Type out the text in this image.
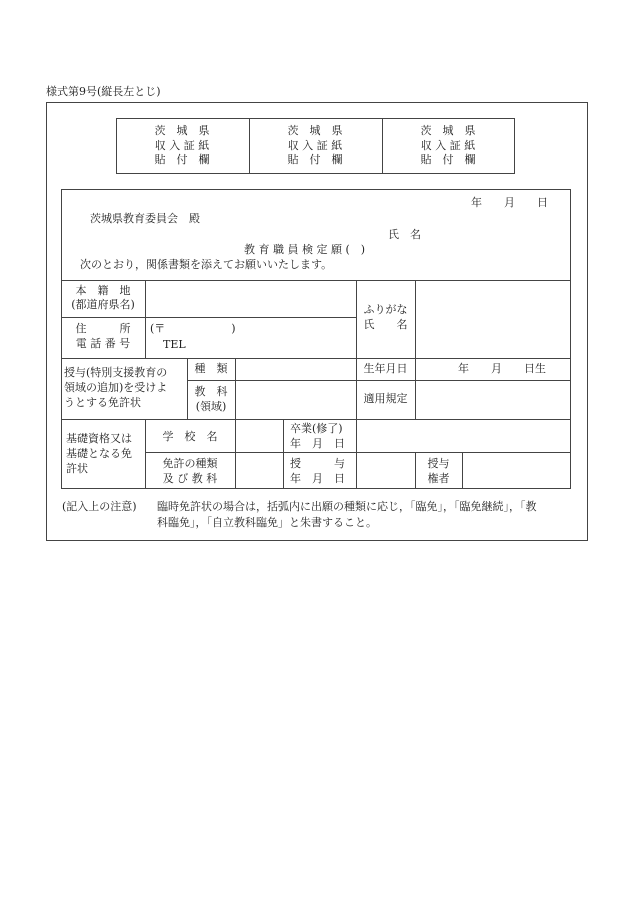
様式第9号(縦長左とじ)
茨　城　県
収 入 証 紙
貼　付　欄
茨　城　県
収 入 証 紙
貼　付　欄
茨　城　県
収 入 証 紙
貼　付　欄
年　　月　　日
茨城県教育委員会　殿
氏　名
教 育 職 員 検 定 願 (　)
次のとおり，関係書類を添えてお願いいたします。
本　籍　地
(都道府県名)	ふりがな
氏　　名
住　　　所
電 話 番 号
(〒　　　　　　)
TEL
授与(特別支援教育の
領域の追加)を受けよ
うとする免許状
種　類
教　科
(領域)
生年月日	年　　月　　日生
適用規定
基礎資格又は
基礎となる免
許状
学　校　名
卒業(修了)
年　月　日
免許の種類
及 び 教 科
授　　　与
年　月　日
授与
権者
(記入上の注意) 臨時免許状の場合は，括弧内に出願の種類に応じ，「臨免」，「臨免継続」，「教
科臨免」，「自立教科臨免」と朱書すること。
